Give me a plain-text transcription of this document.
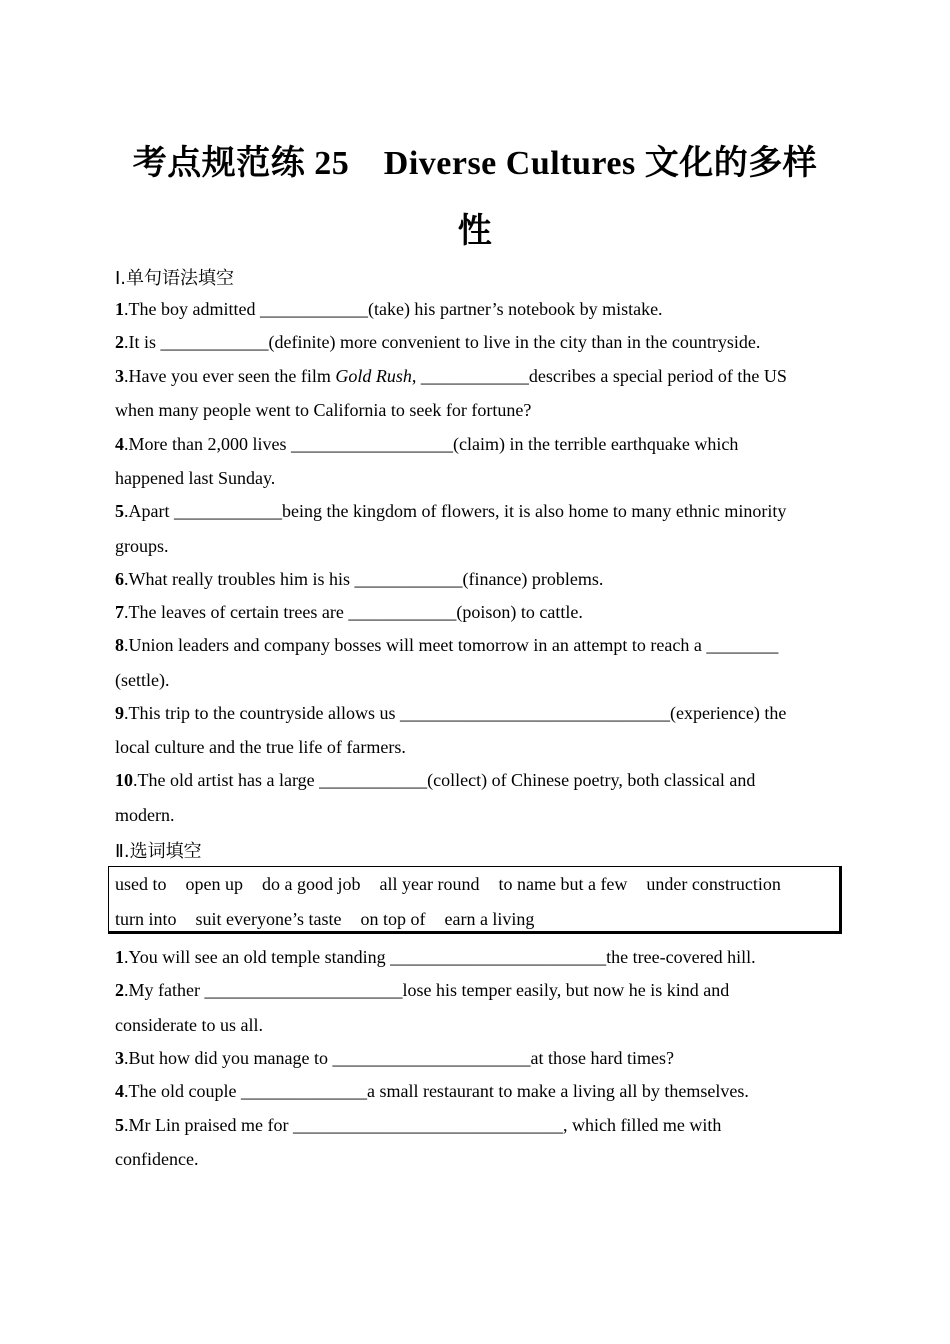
考点规范练 25　Diverse Cultures 文化的多样
性
Ⅰ.单句语法填空
1.The boy admitted ____________(take) his partner’s notebook by mistake.
2.It is ____________(definite) more convenient to live in the city than in the countryside.
3.Have you ever seen the film Gold Rush, ____________describes a special period of the US
when many people went to California to seek for fortune?
4.More than 2,000 lives __________________(claim) in the terrible earthquake which
happened last Sunday.
5.Apart ____________being the kingdom of flowers, it is also home to many ethnic minority
groups.
6.What really troubles him is his ____________(finance) problems.
7.The leaves of certain trees are ____________(poison) to cattle.
8.Union leaders and company bosses will meet tomorrow in an attempt to reach a ________
(settle).
9.This trip to the countryside allows us ______________________________(experience) the
local culture and the true life of farmers.
10.The old artist has a large ____________(collect) of Chinese poetry, both classical and
modern.
Ⅱ.选词填空
used to open up do a good job all year round to name but a few under construction
turn into suit everyone’s taste on top of earn a living
1.You will see an old temple standing ________________________the tree-covered hill.
2.My father ______________________lose his temper easily, but now he is kind and
considerate to us all.
3.But how did you manage to ______________________at those hard times?
4.The old couple ______________a small restaurant to make a living all by themselves.
5.Mr Lin praised me for ______________________________, which filled me with
confidence.
